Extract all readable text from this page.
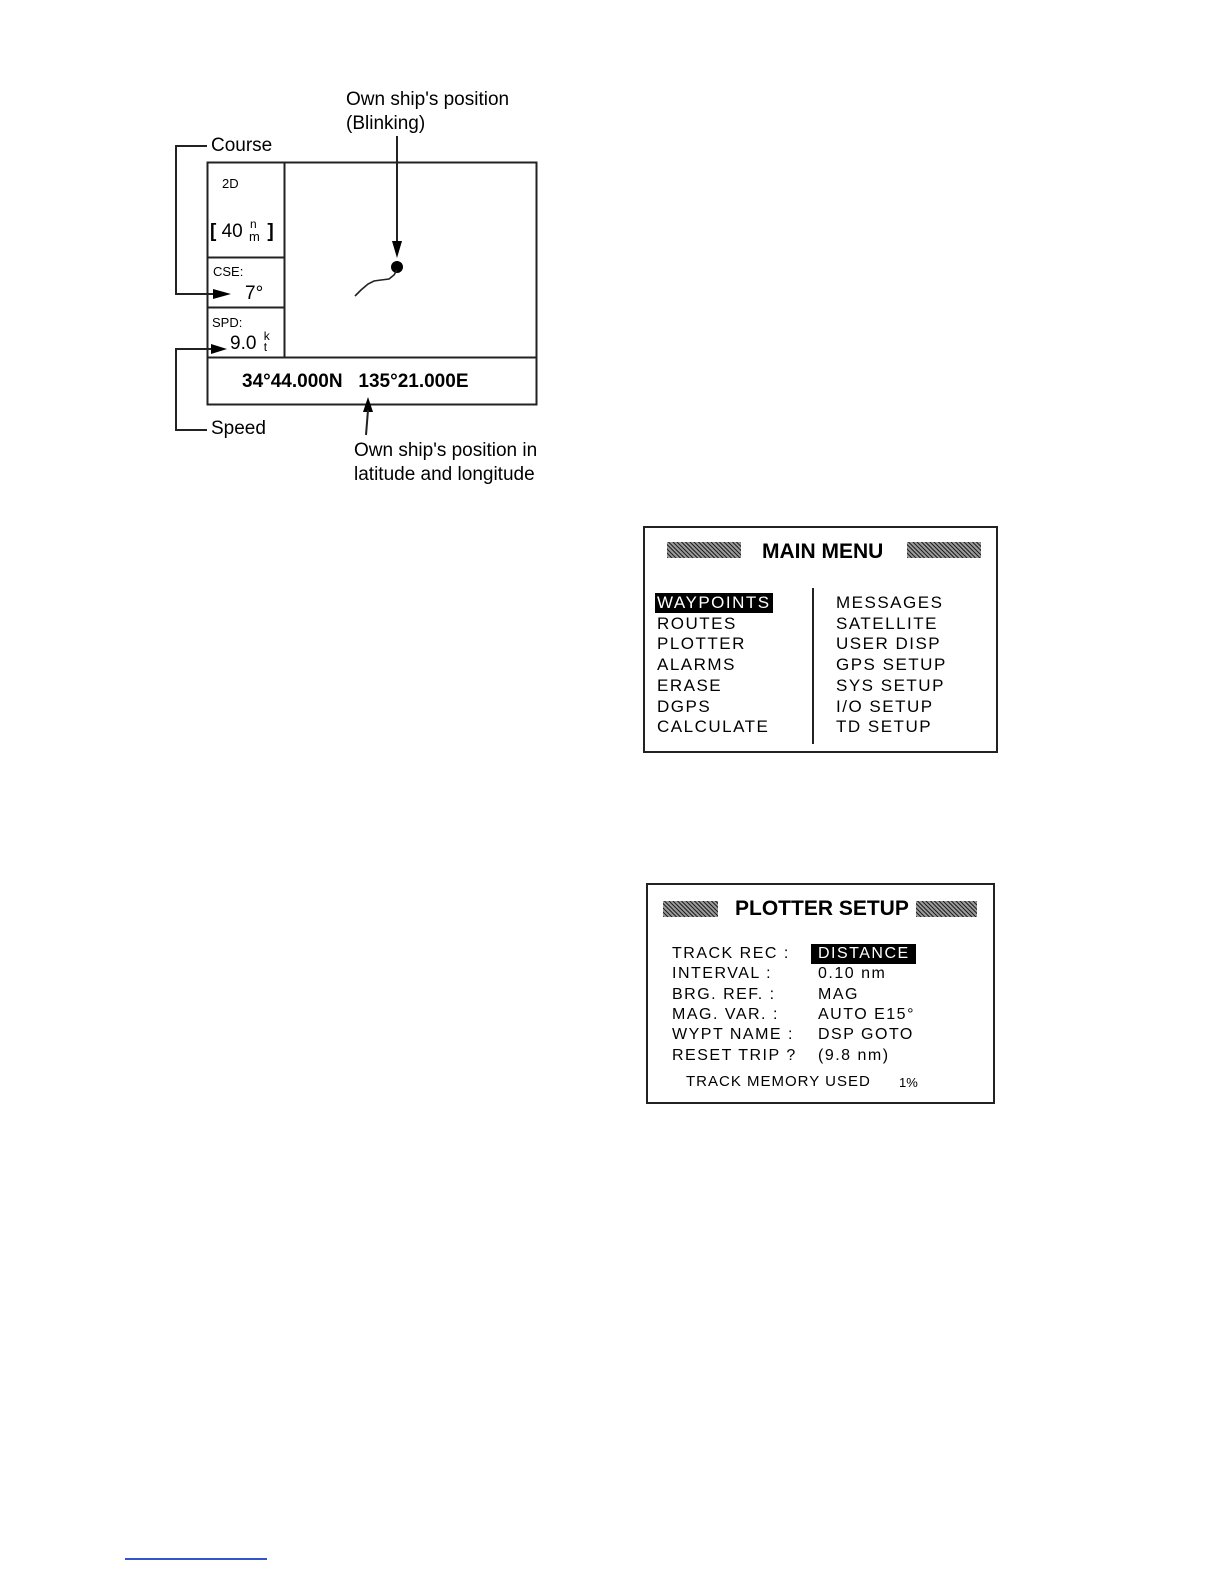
Own ship's position
(Blinking)
Course
Speed
Own ship's position in
latitude and longitude
2D
[ 40 n
m ]
CSE:
7°
SPD:
9.0 k
t
34°44.000N   135°21.000E
MAIN MENU
WAYPOINTS
ROUTES
PLOTTER
ALARMS
ERASE
DGPS
CALCULATE
MESSAGES
SATELLITE
USER DISP
GPS SETUP
SYS SETUP
I/O SETUP
TD SETUP
PLOTTER SETUP
TRACK REC :	DISTANCE
INTERVAL :	0.10 nm
BRG. REF. :	MAG
MAG. VAR. : AUTO E15°
WYPT NAME : DSP GOTO
RESET TRIP ? (9.8 nm)
TRACK MEMORY USED 1%
